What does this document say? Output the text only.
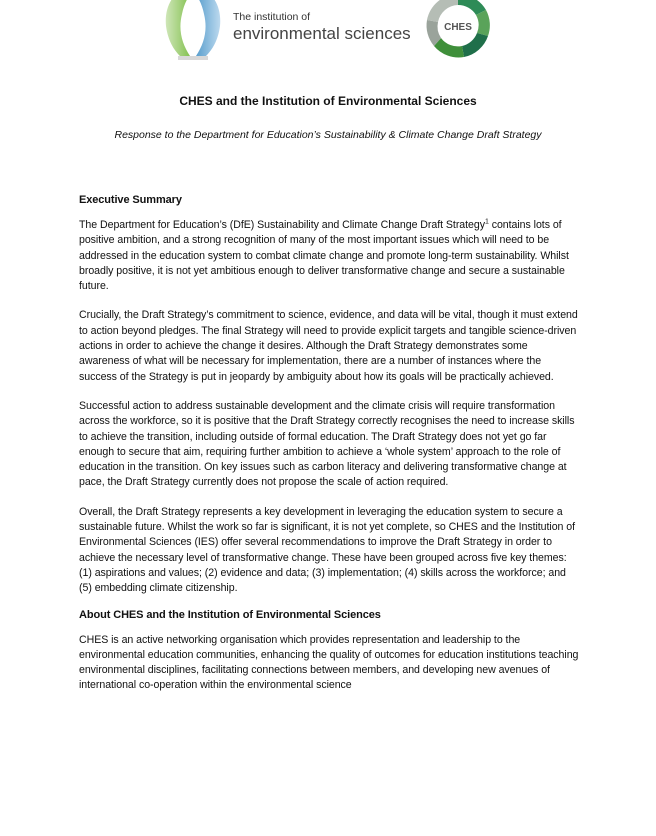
The institution of
environmental sciences	CHES
CHES and the Institution of Environmental Sciences
Response to the Department for Education’s Sustainability & Climate Change Draft Strategy

Executive Summary

The Department for Education’s (DfE) Sustainability and Climate Change Draft Strategy$^1$ contains lots of positive ambition, and a strong recognition of many of the most important issues which will need to be addressed in the education system to combat climate change and promote long-term sustainability. Whilst broadly positive, it is not yet ambitious enough to deliver transformative change and secure a sustainable future.

Crucially, the Draft Strategy’s commitment to science, evidence, and data will be vital, though it must extend to action beyond pledges. The final Strategy will need to provide explicit targets and tangible science-driven actions in order to achieve the change it desires. Although the Draft Strategy demonstrates some awareness of what will be necessary for implementation, there are a number of instances where the success of the Strategy is put in jeopardy by ambiguity about how its goals will be practically achieved.

Successful action to address sustainable development and the climate crisis will require transformation across the workforce, so it is positive that the Draft Strategy correctly recognises the need to increase skills to achieve the transition, including outside of formal education. The Draft Strategy does not yet go far enough to secure that aim, requiring further ambition to achieve a ‘whole system’ approach to the role of education in the transition. On key issues such as carbon literacy and delivering transformative change at pace, the Draft Strategy currently does not propose the scale of action required.

Overall, the Draft Strategy represents a key development in leveraging the education system to secure a sustainable future. Whilst the work so far is significant, it is not yet complete, so CHES and the Institution of Environmental Sciences (IES) offer several recommendations to improve the Draft Strategy in order to achieve the necessary level of transformative change. These have been grouped across five key themes: (1) aspirations and values; (2) evidence and data; (3) implementation; (4) skills across the workforce; and (5) embedding climate citizenship.

About CHES and the Institution of Environmental Sciences

CHES is an active networking organisation which provides representation and leadership to the environmental education communities, enhancing the quality of outcomes for education institutions teaching environmental disciplines, facilitating connections between members, and developing new avenues of international co-operation within the environmental science
